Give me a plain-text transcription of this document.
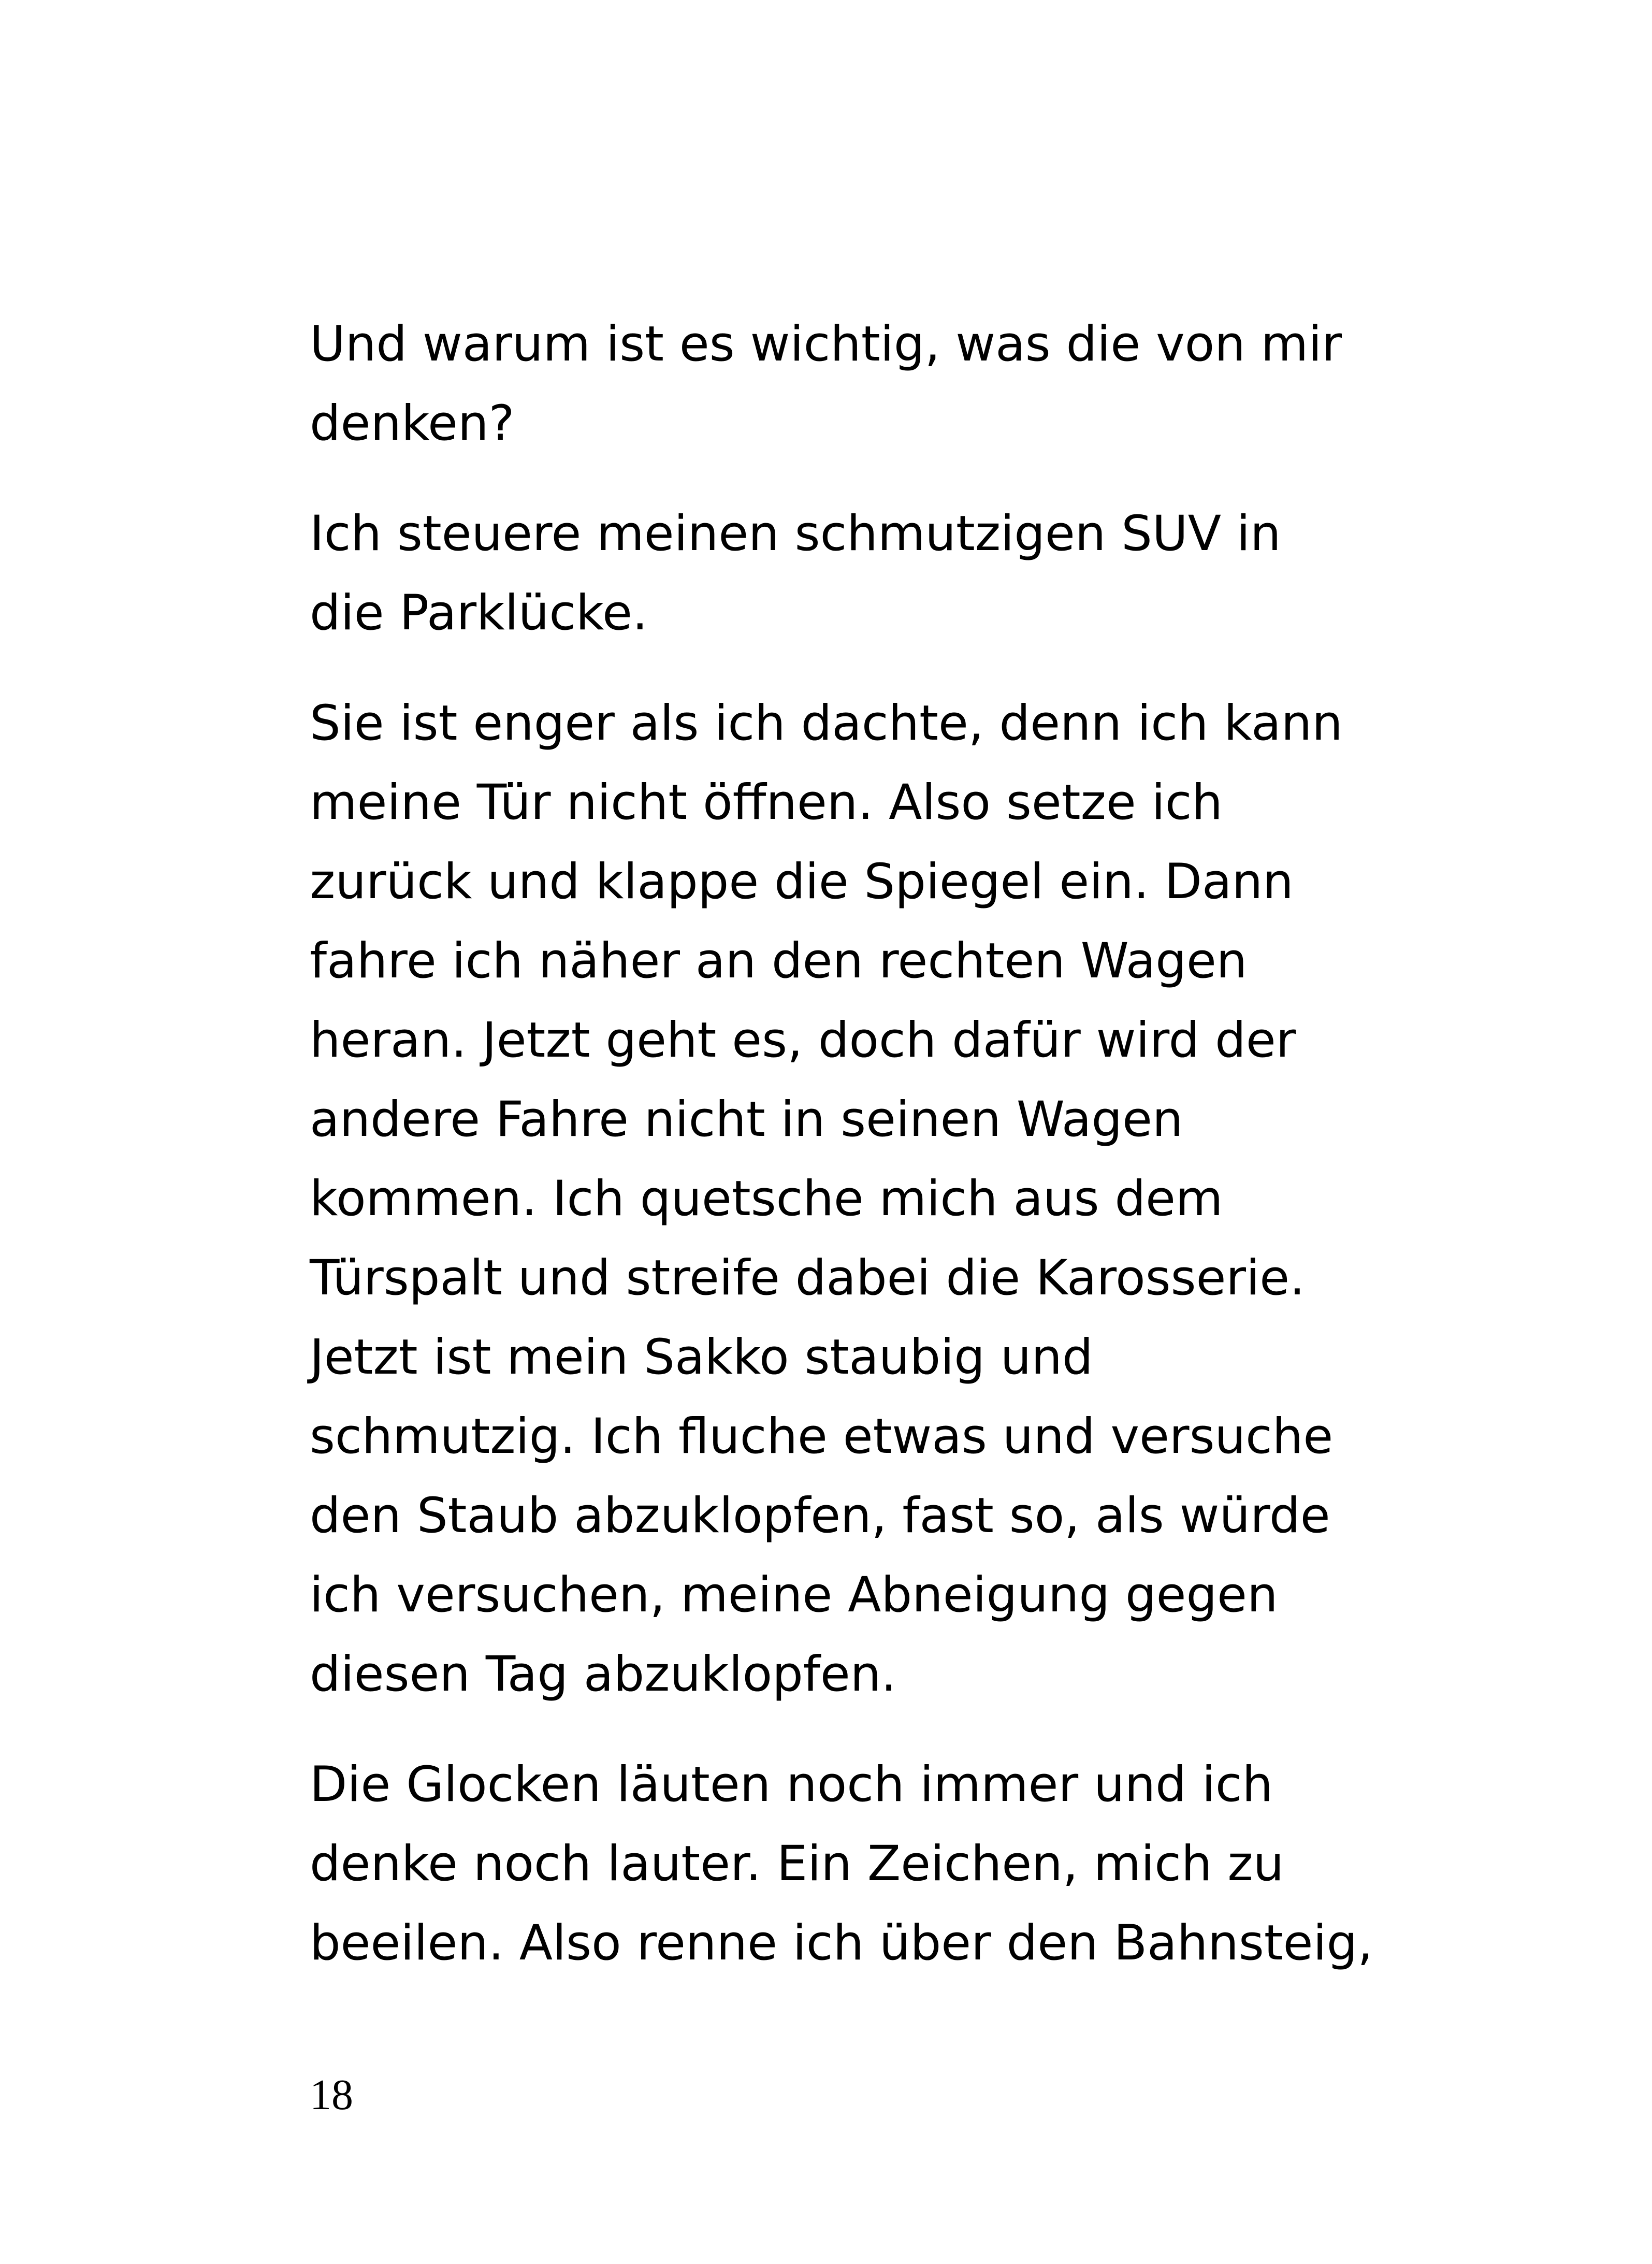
Und warum ist es wichtig, was die von mir
denken?

Ich steuere meinen schmutzigen SUV in
die Parklücke.

Sie ist enger als ich dachte, denn ich kann
meine Tür nicht öffnen. Also setze ich
zurück und klappe die Spiegel ein. Dann
fahre ich näher an den rechten Wagen
heran. Jetzt geht es, doch dafür wird der
andere Fahre nicht in seinen Wagen
kommen. Ich quetsche mich aus dem
Türspalt und streife dabei die Karosserie.
Jetzt ist mein Sakko staubig und
schmutzig. Ich fluche etwas und versuche
den Staub abzuklopfen, fast so, als würde
ich versuchen, meine Abneigung gegen
diesen Tag abzuklopfen.

Die Glocken läuten noch immer und ich
denke noch lauter. Ein Zeichen, mich zu
beeilen. Also renne ich über den Bahnsteig,

18
